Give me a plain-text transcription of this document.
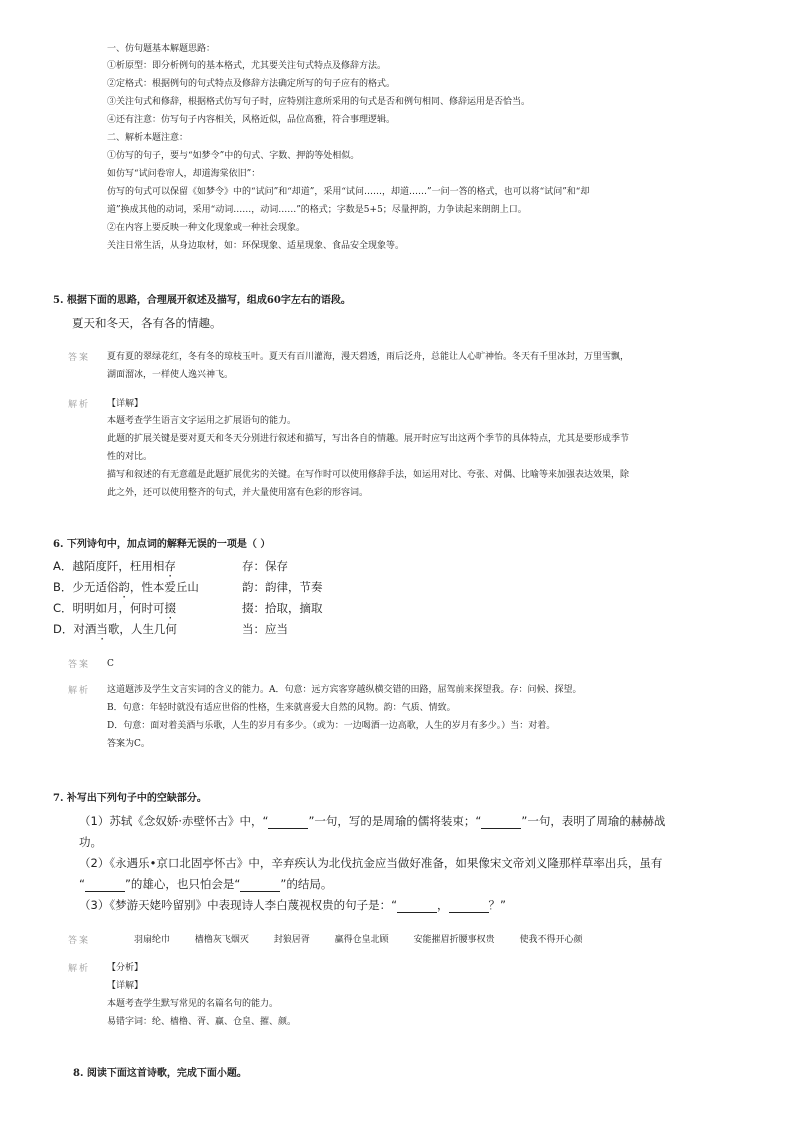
一、仿句题基本解题思路：
①析原型：即分析例句的基本格式，尤其要关注句式特点及修辞方法。
②定格式：根据例句的句式特点及修辞方法确定所写的句子应有的格式。
③关注句式和修辞，根据格式仿写句子时，应特别注意所采用的句式是否和例句相同、修辞运用是否恰当。
④还有注意：仿写句子内容相关，风格近似，品位高雅，符合事理逻辑。
二、解析本题注意：
①仿写的句子，要与“如梦令”中的句式、字数、押韵等处相似。
如仿写“试问卷帘人，却道海棠依旧”：
仿写的句式可以保留《如梦令》中的“试问”和“却道”，采用“试问……，却道……”一问一答的格式，也可以将“试问”和“却
道”换成其他的动词，采用“动词……，动词……”的格式；字数是5+5；尽量押韵，力争读起来朗朗上口。
②在内容上要反映一种文化现象或一种社会现象。
关注日常生活，从身边取材，如：环保现象、适星现象、食品安全现象等。
5. 根据下面的思路，合理展开叙述及描写，组成60字左右的语段。
夏天和冬天，各有各的情趣。
答案 夏有夏的翠绿花红，冬有冬的琼枝玉叶。夏天有百川灌海，漫天碧透，雨后泛舟，总能让人心旷神怡。冬天有千里冰封，万里雪飘，
湖面溜冰，一样使人逸兴神飞。
解析 【详解】
本题考查学生语言文字运用之扩展语句的能力。
此题的扩展关键是要对夏天和冬天分别进行叙述和描写，写出各自的情趣。展开时应写出这两个季节的具体特点，尤其是要形成季节
性的对比。
描写和叙述的有无意蕴是此题扩展优劣的关键。在写作时可以使用修辞手法，如运用对比、夸张、对偶、比喻等来加强表达效果，除
此之外，还可以使用整齐的句式，并大量使用富有色彩的形容词。
6. 下列诗句中，加点词的解释无误的一项是（ ）
A．越陌度阡，枉用相存	存：保存
B．少无适俗韵，性本爱丘山	韵：韵律，节奏
C．明明如月，何时可掇	掇：拾取，摘取
D．对酒当歌，人生几何	当：应当
答案 C
解析 这道题涉及学生文言实词的含义的能力。A．句意：远方宾客穿越纵横交错的田路，屈驾前来探望我。存：问候、探望。
B．句意：年轻时就没有适应世俗的性格，生来就喜爱大自然的风物。韵：气质、情致。
D．句意：面对着美酒与乐歌，人生的岁月有多少。（或为：一边喝酒一边高歌，人生的岁月有多少。）当：对着。
答案为C。
7. 补写出下列句子中的空缺部分。
（1）苏轼《念奴娇·赤壁怀古》中，“	”一句，写的是周瑜的儒将装束；“	”一句，表明了周瑜的赫赫战
功。
（2）《永遇乐•京口北固亭怀古》中，辛弃疾认为北伐抗金应当做好准备，如果像宋文帝刘义隆那样草率出兵，虽有
“	”的雄心，也只怕会是“	”的结局。
（3）《梦游天姥吟留别》中表现诗人李白蔑视权贵的句子是：“	，	？”
答案	羽扇纶巾	樯橹灰飞烟灭	封狼居胥	赢得仓皇北顾	安能摧眉折腰事权贵	使我不得开心颜
解析 【分析】
【详解】
本题考查学生默写常见的名篇名句的能力。
易错字词：纶、樯橹、胥、赢、仓皇、摧、颜。
8. 阅读下面这首诗歌，完成下面小题。
